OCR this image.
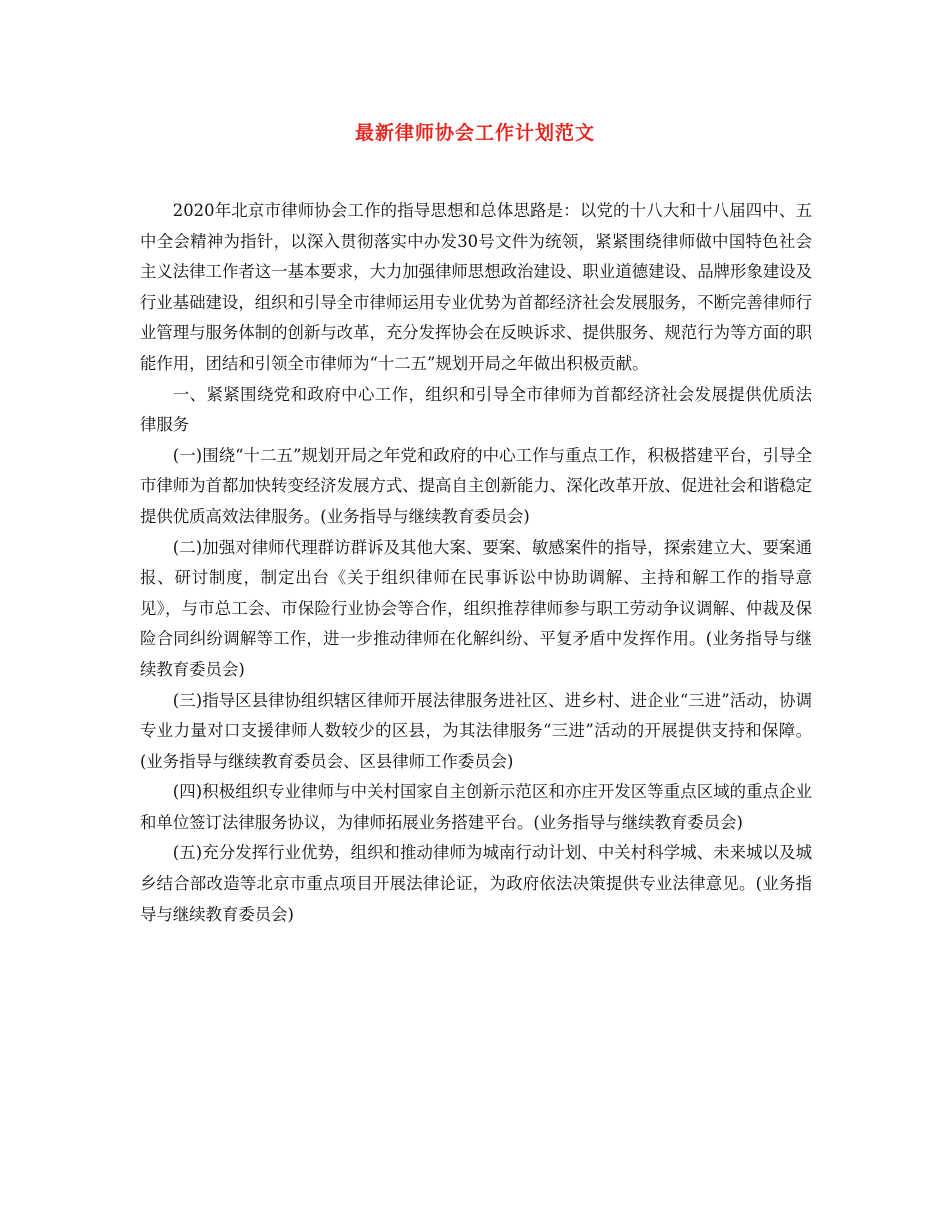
最新律师协会工作计划范文

2020年北京市律师协会工作的指导思想和总体思路是：以党的十八大和十八届四中、五中全会精神为指针，以深入贯彻落实中办发30号文件为统领，紧紧围绕律师做中国特色社会主义法律工作者这一基本要求，大力加强律师思想政治建设、职业道德建设、品牌形象建设及行业基础建设，组织和引导全市律师运用专业优势为首都经济社会发展服务，不断完善律师行业管理与服务体制的创新与改革，充分发挥协会在反映诉求、提供服务、规范行为等方面的职能作用，团结和引领全市律师为“十二五”规划开局之年做出积极贡献。

一、紧紧围绕党和政府中心工作，组织和引导全市律师为首都经济社会发展提供优质法律服务

(一)围绕“十二五”规划开局之年党和政府的中心工作与重点工作，积极搭建平台，引导全市律师为首都加快转变经济发展方式、提高自主创新能力、深化改革开放、促进社会和谐稳定提供优质高效法律服务。(业务指导与继续教育委员会)

(二)加强对律师代理群访群诉及其他大案、要案、敏感案件的指导，探索建立大、要案通报、研讨制度，制定出台《关于组织律师在民事诉讼中协助调解、主持和解工作的指导意见》，与市总工会、市保险行业协会等合作，组织推荐律师参与职工劳动争议调解、仲裁及保险合同纠纷调解等工作，进一步推动律师在化解纠纷、平复矛盾中发挥作用。(业务指导与继续教育委员会)

(三)指导区县律协组织辖区律师开展法律服务进社区、进乡村、进企业“三进”活动，协调专业力量对口支援律师人数较少的区县，为其法律服务“三进”活动的开展提供支持和保障。(业务指导与继续教育委员会、区县律师工作委员会)

(四)积极组织专业律师与中关村国家自主创新示范区和亦庄开发区等重点区域的重点企业和单位签订法律服务协议，为律师拓展业务搭建平台。(业务指导与继续教育委员会)

(五)充分发挥行业优势，组织和推动律师为城南行动计划、中关村科学城、未来城以及城乡结合部改造等北京市重点项目开展法律论证，为政府依法决策提供专业法律意见。(业务指导与继续教育委员会)
